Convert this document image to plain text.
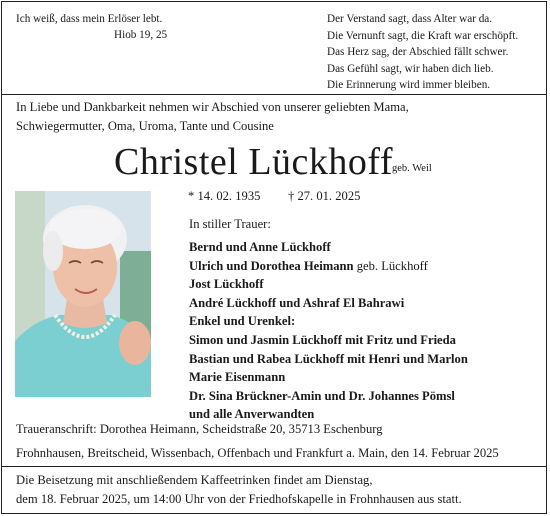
Ich weiß, dass mein Erlöser lebt.
Hiob 19, 25
Der Verstand sagt, dass Alter war da.
Die Vernunft sagt, die Kraft war erschöpft.
Das Herz sag, der Abschied fällt schwer.
Das Gefühl sagt, wir haben dich lieb.
Die Erinnerung wird immer bleiben.
In Liebe und Dankbarkeit nehmen wir Abschied von unserer geliebten Mama,
Schwiegermutter, Oma, Uroma, Tante und Cousine
Christel Lückhoff
geb. Weil
* 14. 02. 1935 † 27. 01. 2025
In stiller Trauer:
Bernd und Anne Lückhoff
Ulrich und Dorothea Heimann geb. Lückhoff
Jost Lückhoff
André Lückhoff und Ashraf El Bahrawi
Enkel und Urenkel:
Simon und Jasmin Lückhoff mit Fritz und Frieda
Bastian und Rabea Lückhoff mit Henri und Marlon
Marie Eisenmann
Dr. Sina Brückner-Amin und Dr. Johannes Pömsl
und alle Anverwandten
Traueranschrift: Dorothea Heimann, Scheidstraße 20, 35713 Eschenburg
Frohnhausen, Breitscheid, Wissenbach, Offenbach und Frankfurt a. Main, den 14. Februar 2025
Die Beisetzung mit anschließendem Kaffeetrinken findet am Dienstag,
dem 18. Februar 2025, um 14:00 Uhr von der Friedhofskapelle in Frohnhausen aus statt.
